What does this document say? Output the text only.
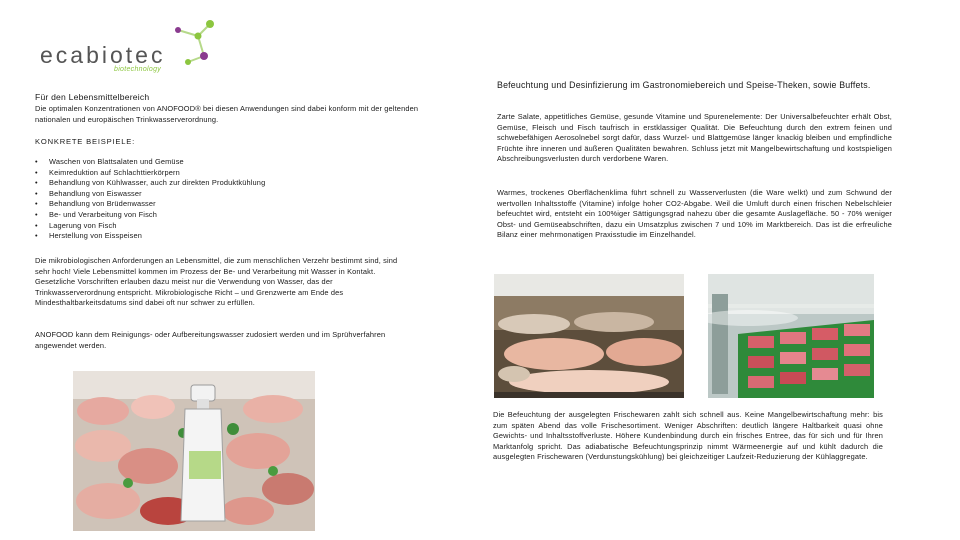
ecabiotec
biotechnology
Für den Lebensmittelbereich
Die optimalen Konzentrationen von ANOFOOD® bei diesen Anwendungen sind dabei konform mit der geltenden nationalen und europäischen Trinkwasserverordnung.
KONKRETE BEISPIELE:
• Waschen von Blattsalaten und Gemüse
• Keimreduktion auf Schlachttierkörpern
• Behandlung von Kühlwasser, auch zur direkten Produktkühlung
• Behandlung von Eiswasser
• Behandlung von Brüdenwasser
• Be- und Verarbeitung von Fisch
• Lagerung von Fisch
• Herstellung von Eisspeisen
Die mikrobiologischen Anforderungen an Lebensmittel, die zum menschlichen Verzehr bestimmt sind, sind sehr hoch! Viele Lebensmittel kommen im Prozess der Be- und Verarbeitung mit Wasser in Kontakt. Gesetzliche Vorschriften erlauben dazu meist nur die Verwendung von Wasser, das der Trinkwasserverordnung entspricht. Mikrobiologische Richt – und Grenzwerte am Ende des Mindesthaltbarkeitsdatums sind dabei oft nur schwer zu erfüllen.
ANOFOOD kann dem Reinigungs- oder Aufbereitungswasser zudosiert werden und im Sprühverfahren angewendet werden.
Befeuchtung und Desinfizierung im Gastronomiebereich und Speise-Theken, sowie Buffets.
Zarte Salate, appetitliches Gemüse, gesunde Vitamine und Spurenelemente: Der Universalbefeuchter erhält Obst, Gemüse, Fleisch und Fisch taufrisch in erstklassiger Qualität. Die Befeuchtung durch den extrem feinen und schwebefähigen Aerosolnebel sorgt dafür, dass Wurzel- und Blattgemüse länger knackig bleiben und empfindliche Früchte ihre inneren und äußeren Qualitäten bewahren. Schluss jetzt mit Mangelbewirtschaftung und kostspieligen Abschreibungsverlusten durch verdorbene Waren.
Warmes, trockenes Oberflächenklima führt schnell zu Wasserverlusten (die Ware welkt) und zum Schwund der wertvollen Inhaltsstoffe (Vitamine) infolge hoher CO2-Abgabe. Weil die Umluft durch einen frischen Nebelschleier befeuchtet wird, entsteht ein 100%iger Sättigungsgrad nahezu über die gesamte Auslagefläche. 50 - 70% weniger Obst- und Gemüseabschriften, dazu ein Umsatzplus zwischen 7 und 10% im Marktbereich. Das ist die erfreuliche Bilanz einer mehrmonatigen Praxisstudie im Einzelhandel.
Die Befeuchtung der ausgelegten Frischewaren zahlt sich schnell aus. Keine Mangelbewirtschaftung mehr: bis zum späten Abend das volle Frischesortiment. Weniger Abschriften: deutlich längere Haltbarkeit quasi ohne Gewichts- und Inhaltsstoffverluste. Höhere Kundenbindung durch ein frisches Entree, das für sich und für Ihren Marktanfolg spricht. Das adiabatische Befeuchtungsprinzip nimmt Wärmeenergie auf und kühlt dadurch die ausgelegten Frischewaren (Verdunstungskühlung) bei gleichzeitiger Laufzeit-Reduzierung der Kühlaggregate.
